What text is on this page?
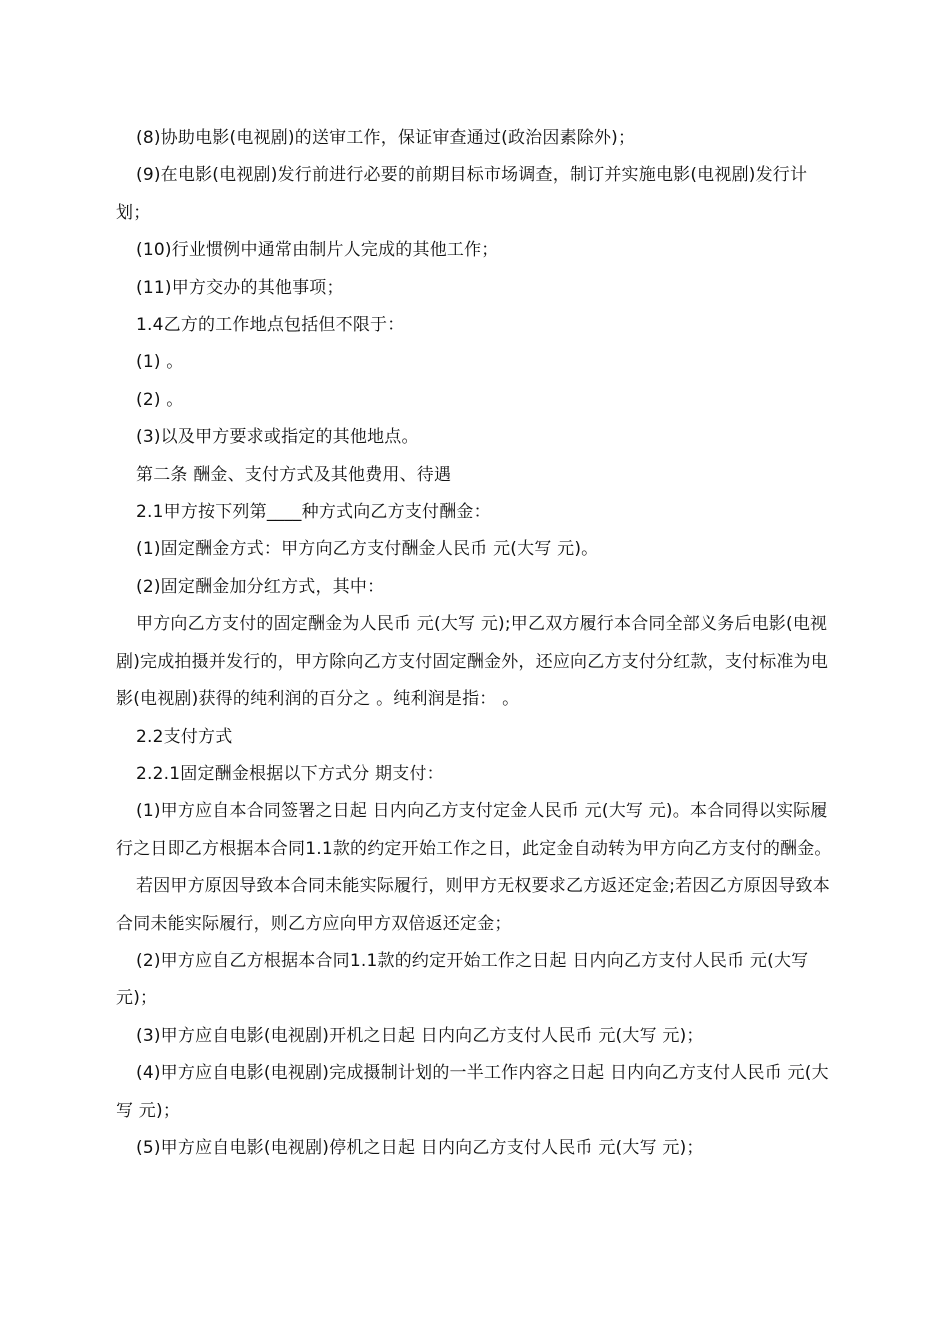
(8)协助电影(电视剧)的送审工作，保证审查通过(政治因素除外)；

(9)在电影(电视剧)发行前进行必要的前期目标市场调查，制订并实施电影(电视剧)发行计划；

(10)行业惯例中通常由制片人完成的其他工作；

(11)甲方交办的其他事项；

1.4乙方的工作地点包括但不限于：

(1) 。

(2) 。

(3)以及甲方要求或指定的其他地点。

第二条 酬金、支付方式及其他费用、待遇

2.1甲方按下列第____种方式向乙方支付酬金：

(1)固定酬金方式：甲方向乙方支付酬金人民币 元(大写 元)。

(2)固定酬金加分红方式，其中：

甲方向乙方支付的固定酬金为人民币 元(大写 元);甲乙双方履行本合同全部义务后电影(电视剧)完成拍摄并发行的，甲方除向乙方支付固定酬金外，还应向乙方支付分红款，支付标准为电影(电视剧)获得的纯利润的百分之 。纯利润是指： 。

2.2支付方式

2.2.1固定酬金根据以下方式分 期支付：

(1)甲方应自本合同签署之日起 日内向乙方支付定金人民币 元(大写 元)。本合同得以实际履行之日即乙方根据本合同1.1款的约定开始工作之日，此定金自动转为甲方向乙方支付的酬金。

若因甲方原因导致本合同未能实际履行，则甲方无权要求乙方返还定金;若因乙方原因导致本合同未能实际履行，则乙方应向甲方双倍返还定金；

(2)甲方应自乙方根据本合同1.1款的约定开始工作之日起 日内向乙方支付人民币 元(大写 元)；

(3)甲方应自电影(电视剧)开机之日起 日内向乙方支付人民币 元(大写 元)；

(4)甲方应自电影(电视剧)完成摄制计划的一半工作内容之日起 日内向乙方支付人民币 元(大写 元)；

(5)甲方应自电影(电视剧)停机之日起 日内向乙方支付人民币 元(大写 元)；
